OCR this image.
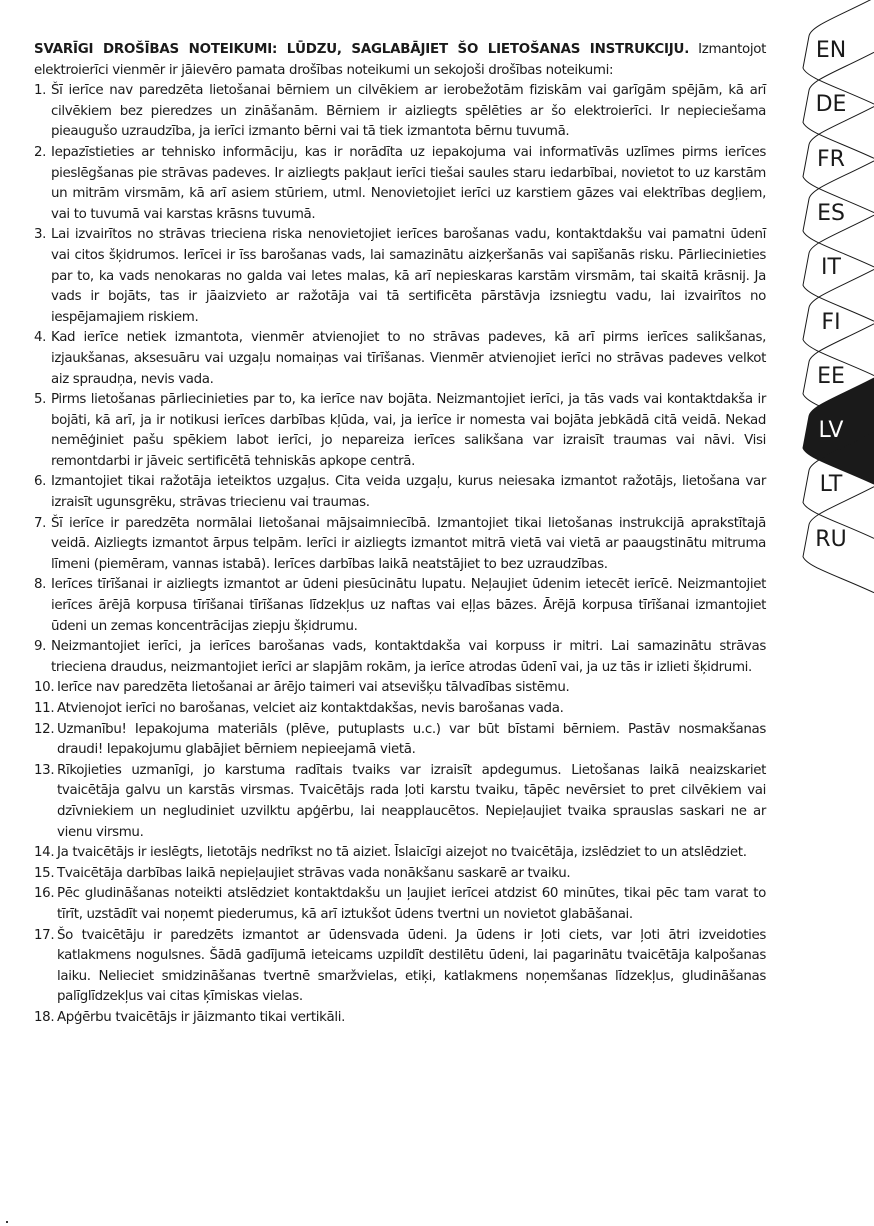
SVARĪGI DROŠĪBAS NOTEIKUMI: LŪDZU, SAGLABĀJIET ŠO LIETOŠANAS INSTRUKCIJU. Izmantojot elektroierīci vienmēr ir jāievēro pamata drošības noteikumi un sekojoši drošības noteikumi:

1. Šī ierīce nav paredzēta lietošanai bērniem un cilvēkiem ar ierobežotām fiziskām vai garīgām spējām, kā arī cilvēkiem bez pieredzes un zināšanām. Bērniem ir aizliegts spēlēties ar šo elektroierīci. Ir nepieciešama pieaugušo uzraudzība, ja ierīci izmanto bērni vai tā tiek izmantota bērnu tuvumā.
2. Iepazīstieties ar tehnisko informāciju, kas ir norādīta uz iepakojuma vai informatīvās uzlīmes pirms ierīces pieslēgšanas pie strāvas padeves. Ir aizliegts pakļaut ierīci tiešai saules staru iedarbībai, novietot to uz karstām un mitrām virsmām, kā arī asiem stūriem, utml. Nenovietojiet ierīci uz karstiem gāzes vai elektrības degļiem, vai to tuvumā vai karstas krāsns tuvumā.
3. Lai izvairītos no strāvas trieciena riska nenovietojiet ierīces barošanas vadu, kontaktdakšu vai pamatni ūdenī vai citos šķidrumos. Ierīcei ir īss barošanas vads, lai samazinātu aizķeršanās vai sapīšanās risku. Pārliecinieties par to, ka vads nenokaras no galda vai letes malas, kā arī nepieskaras karstām virsmām, tai skaitā krāsnij. Ja vads ir bojāts, tas ir jāaizvieto ar ražotāja vai tā sertificēta pārstāvja izsniegtu vadu, lai izvairītos no iespējamajiem riskiem.
4. Kad ierīce netiek izmantota, vienmēr atvienojiet to no strāvas padeves, kā arī pirms ierīces salikšanas, izjaukšanas, aksesuāru vai uzgaļu nomaiņas vai tīrīšanas. Vienmēr atvienojiet ierīci no strāvas padeves velkot aiz spraudņa, nevis vada.
5. Pirms lietošanas pārliecinieties par to, ka ierīce nav bojāta. Neizmantojiet ierīci, ja tās vads vai kontaktdakša ir bojāti, kā arī, ja ir notikusi ierīces darbības kļūda, vai, ja ierīce ir nomesta vai bojāta jebkādā citā veidā. Nekad nemēģiniet pašu spēkiem labot ierīci, jo nepareiza ierīces salikšana var izraisīt traumas vai nāvi. Visi remontdarbi ir jāveic sertificētā tehniskās apkope centrā.
6. Izmantojiet tikai ražotāja ieteiktos uzgaļus. Cita veida uzgaļu, kurus neiesaka izmantot ražotājs, lietošana var izraisīt ugunsgrēku, strāvas triecienu vai traumas.
7. Šī ierīce ir paredzēta normālai lietošanai mājsaimniecībā. Izmantojiet tikai lietošanas instrukcijā aprakstītajā veidā. Aizliegts izmantot ārpus telpām. Ierīci ir aizliegts izmantot mitrā vietā vai vietā ar paaugstinātu mitruma līmeni (piemēram, vannas istabā). Ierīces darbības laikā neatstājiet to bez uzraudzības.
8. Ierīces tīrīšanai ir aizliegts izmantot ar ūdeni piesūcinātu lupatu. Neļaujiet ūdenim ietecēt ierīcē. Neizmantojiet ierīces ārējā korpusa tīrīšanai tīrīšanas līdzekļus uz naftas vai eļļas bāzes. Ārējā korpusa tīrīšanai izmantojiet ūdeni un zemas koncentrācijas ziepju šķidrumu.
9. Neizmantojiet ierīci, ja ierīces barošanas vads, kontaktdakša vai korpuss ir mitri. Lai samazinātu strāvas trieciena draudus, neizmantojiet ierīci ar slapjām rokām, ja ierīce atrodas ūdenī vai, ja uz tās ir izlieti šķidrumi.
10. Ierīce nav paredzēta lietošanai ar ārējo taimeri vai atsevišķu tālvadības sistēmu.
11. Atvienojot ierīci no barošanas, velciet aiz kontaktdakšas, nevis barošanas vada.
12. Uzmanību! Iepakojuma materiāls (plēve, putuplasts u.c.) var būt bīstami bērniem. Pastāv nosmakšanas draudi! Iepakojumu glabājiet bērniem nepieejamā vietā.
13. Rīkojieties uzmanīgi, jo karstuma radītais tvaiks var izraisīt apdegumus. Lietošanas laikā neaizskariet tvaicētāja galvu un karstās virsmas. Tvaicētājs rada ļoti karstu tvaiku, tāpēc nevērsiet to pret cilvēkiem vai dzīvniekiem un negludiniet uzvilktu apģērbu, lai neapplaucētos. Nepieļaujiet tvaika sprauslas saskari ne ar vienu virsmu.
14. Ja tvaicētājs ir ieslēgts, lietotājs nedrīkst no tā aiziet. Īslaicīgi aizejot no tvaicētāja, izslēdziet to un atslēdziet.
15. Tvaicētāja darbības laikā nepieļaujiet strāvas vada nonākšanu saskarē ar tvaiku.
16. Pēc gludināšanas noteikti atslēdziet kontaktdakšu un ļaujiet ierīcei atdzist 60 minūtes, tikai pēc tam varat to tīrīt, uzstādīt vai noņemt piederumus, kā arī iztukšot ūdens tvertni un novietot glabāšanai.
17. Šo tvaicētāju ir paredzēts izmantot ar ūdensvada ūdeni. Ja ūdens ir ļoti ciets, var ļoti ātri izveidoties katlakmens nogulsnes. Šādā gadījumā ieteicams uzpildīt destilētu ūdeni, lai pagarinātu tvaicētāja kalpošanas laiku. Nelieciet smidzināšanas tvertnē smaržvielas, etiķi, katlakmens noņemšanas līdzekļus, gludināšanas palīglīdzekļus vai citas ķīmiskas vielas.
18. Apģērbu tvaicētājs ir jāizmanto tikai vertikāli.
EN
DE
FR
ES
IT
FI
EE
LV
LT
RU
